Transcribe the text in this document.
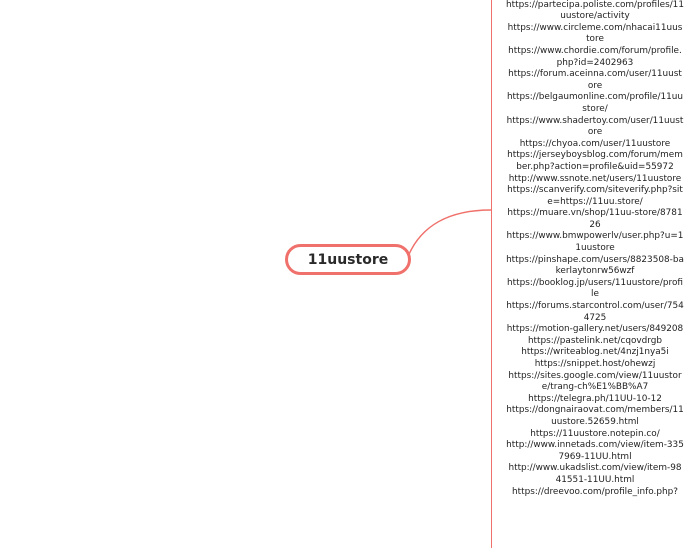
11uustore
https://partecipa.poliste.com/profiles/11uustore/activity
https://www.circleme.com/nhacai11uustore
https://www.chordie.com/forum/profile.php?id=2402963
https://forum.aceinna.com/user/11uustore
https://belgaumonline.com/profile/11uustore/
https://www.shadertoy.com/user/11uustore
https://chyoa.com/user/11uustore
https://jerseyboysblog.com/forum/member.php?action=profile&uid=55972
http://www.ssnote.net/users/11uustore
https://scanverify.com/siteverify.php?site=https://11uu.store/
https://muare.vn/shop/11uu-store/878126
https://www.bmwpowerlv/user.php?u=11uustore
https://pinshape.com/users/8823508-bakerlaytonrw56wzf
https://booklog.jp/users/11uustore/profile
https://forums.starcontrol.com/user/7544725
https://motion-gallery.net/users/849208
https://pastelink.net/cqovdrgb
https://writeablog.net/4nzj1nya5i
https://snippet.host/ohewzj
https://sites.google.com/view/11uustore/trang-ch%E1%BB%A7
https://telegra.ph/11UU-10-12
https://dongnairaovat.com/members/11uustore.52659.html
https://11uustore.notepin.co/
http://www.innetads.com/view/item-3357969-11UU.html
http://www.ukadslist.com/view/item-9841551-11UU.html
https://dreevoo.com/profile_info.php?
